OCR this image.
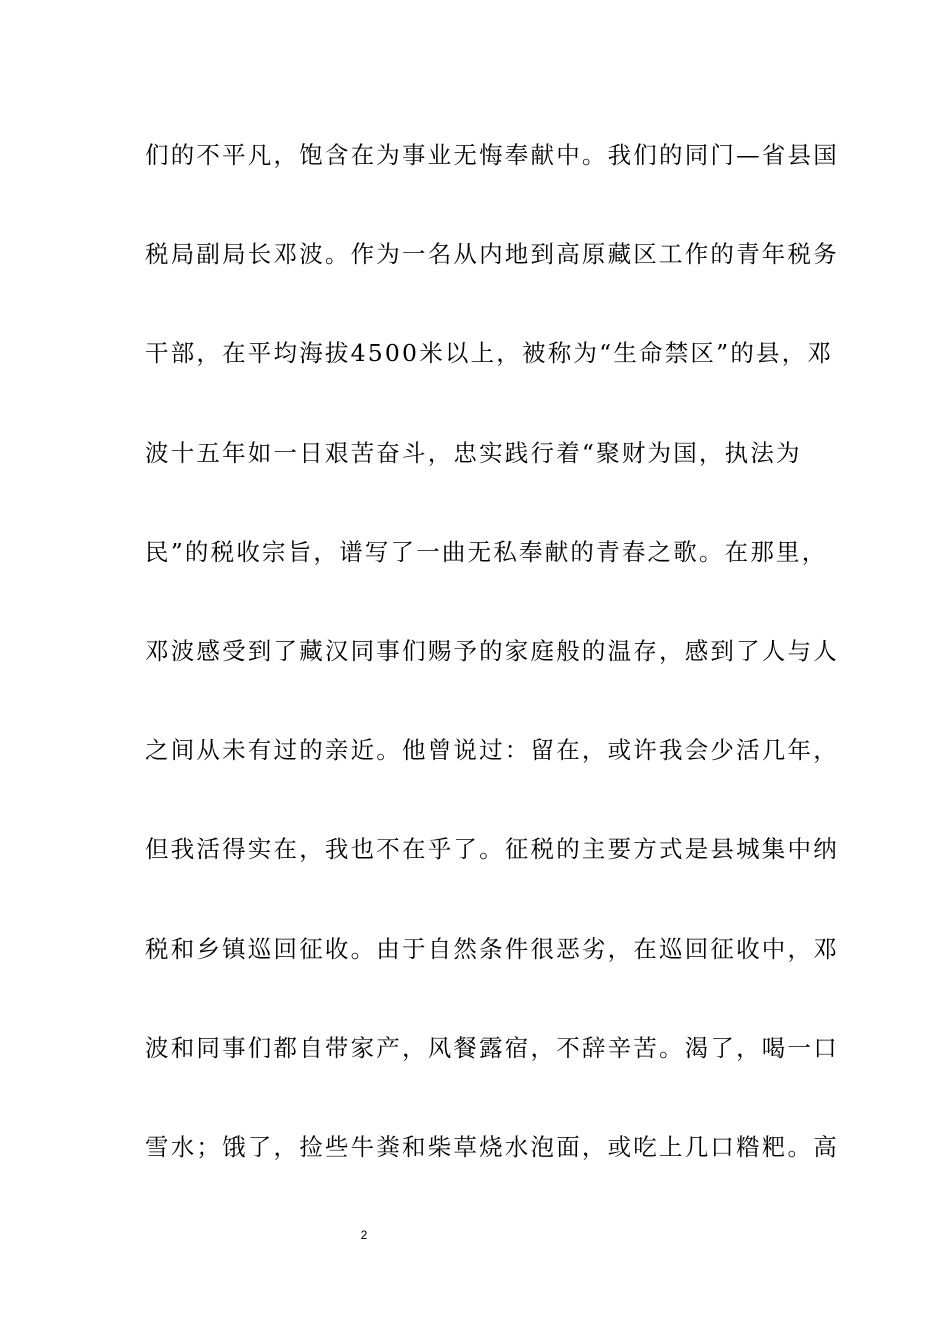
们的不平凡，饱含在为事业无悔奉献中。我们的同门—省县国
税局副局长邓波。作为一名从内地到高原藏区工作的青年税务
干部，在平均海拔4500米以上，被称为“生命禁区”的县，邓
波十五年如一日艰苦奋斗，忠实践行着“聚财为国，执法为
民”的税收宗旨，谱写了一曲无私奉献的青春之歌。在那里，
邓波感受到了藏汉同事们赐予的家庭般的温存，感到了人与人
之间从未有过的亲近。他曾说过：留在，或许我会少活几年，
但我活得实在，我也不在乎了。征税的主要方式是县城集中纳
税和乡镇巡回征收。由于自然条件很恶劣，在巡回征收中，邓
波和同事们都自带家产，风餐露宿，不辞辛苦。渴了，喝一口
雪水；饿了，捡些牛粪和柴草烧水泡面，或吃上几口糌粑。高
2
